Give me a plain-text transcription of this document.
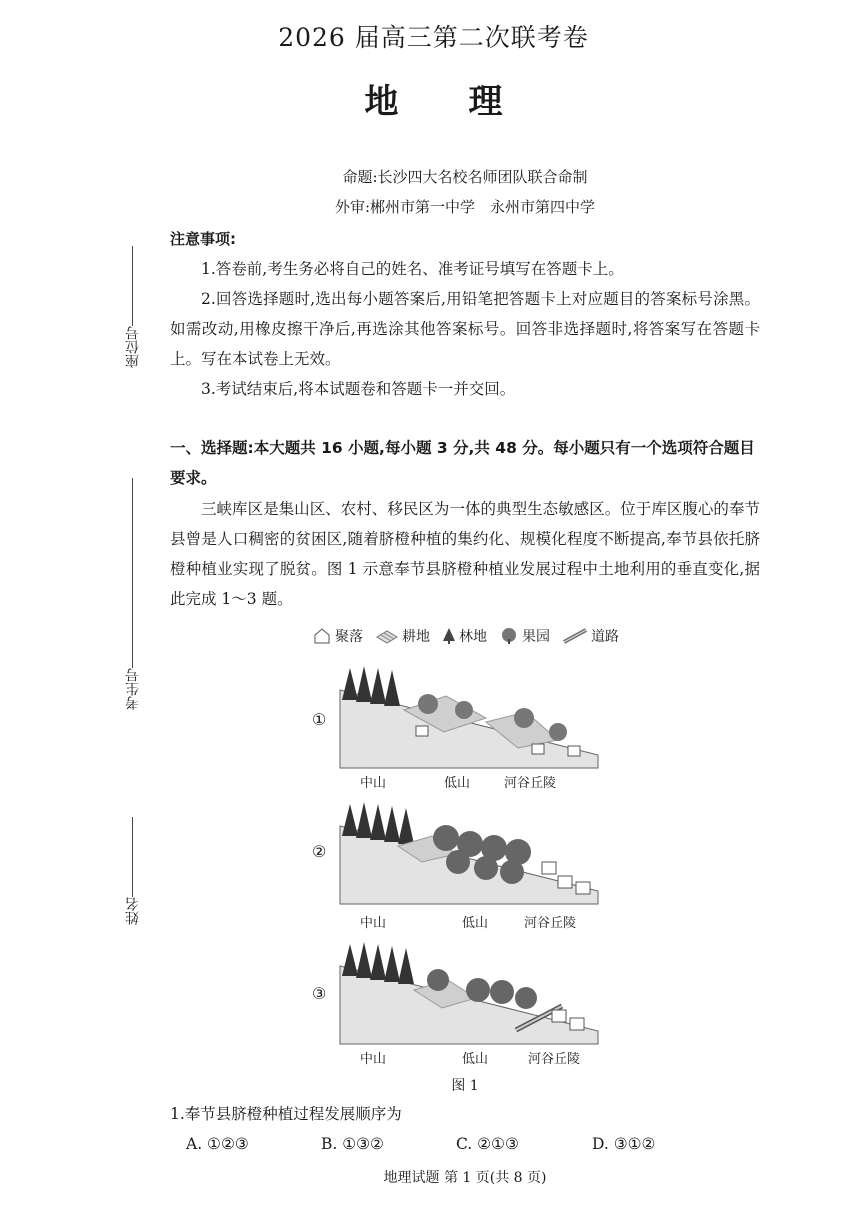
2026 届高三第二次联考卷
地理
命题:长沙四大名校名师团队联合命制
外审:郴州市第一中学　永州市第四中学
座位号
考生号
姓名
注意事项:
1.答卷前,考生务必将自己的姓名、准考证号填写在答题卡上。
2.回答选择题时,选出每小题答案后,用铅笔把答题卡上对应题目的答案标号涂黑。如需改动,用橡皮擦干净后,再选涂其他答案标号。回答非选择题时,将答案写在答题卡上。写在本试卷上无效。
3.考试结束后,将本试题卷和答题卡一并交回。
一、选择题:本大题共 16 小题,每小题 3 分,共 48 分。每小题只有一个选项符合题目要求。
三峡库区是集山区、农村、移民区为一体的典型生态敏感区。位于库区腹心的奉节县曾是人口稠密的贫困区,随着脐橙种植的集约化、规模化程度不断提高,奉节县依托脐橙种植业实现了脱贫。图 1 示意奉节县脐橙种植业发展过程中土地利用的垂直变化,据此完成 1～3 题。
聚落	耕地 林地	果园	道路
①
中山	低山	河谷丘陵
②
中山	低山	河谷丘陵
③
中山	低山	河谷丘陵
图 1
1.奉节县脐橙种植过程发展顺序为
A. ①②③	B. ①③②	C. ②①③	D. ③①②
地理试题 第 1 页(共 8 页)
